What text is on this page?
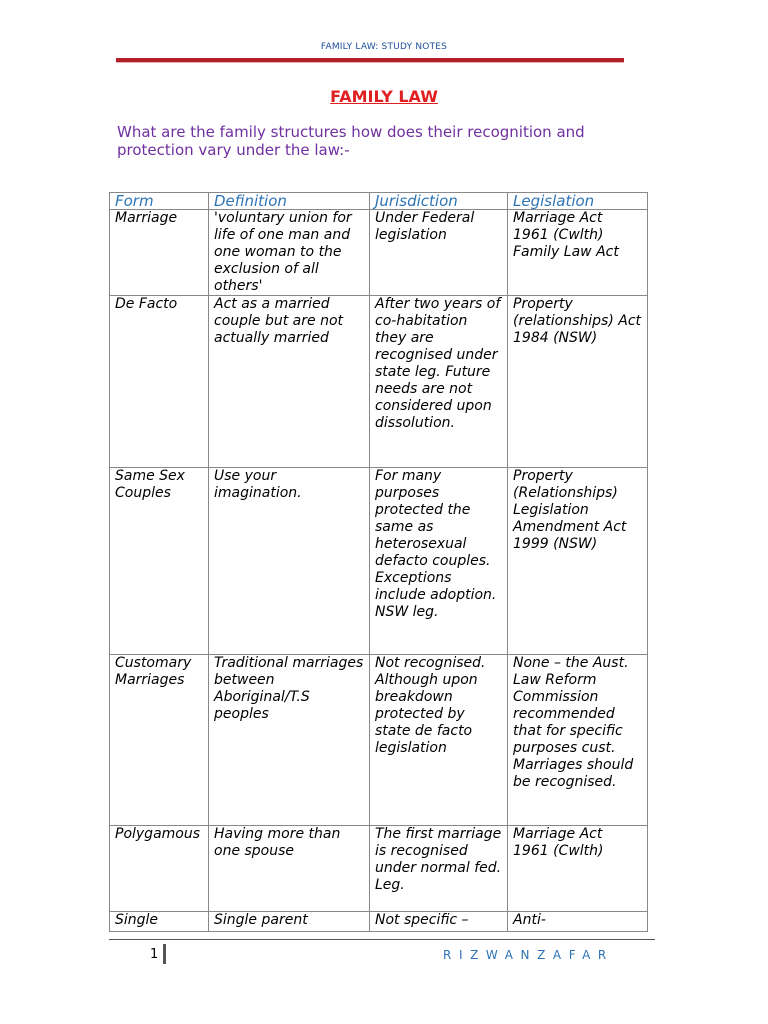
FAMILY LAW: STUDY NOTES
FAMILY LAW
What are the family structures how does their recognition and protection vary under the law:-
Form	Definition	Jurisdiction	Legislation
Marriage	'voluntary union for life of one man and one woman to the exclusion of all others'	Under Federal legislation	Marriage Act 1961 (Cwlth) Family Law Act
De Facto	Act as a married couple but are not actually married	After two years of co-habitation they are recognised under state leg. Future needs are not considered upon dissolution.	Property (relationships) Act 1984 (NSW)
Same Sex Couples	Use your imagination.	For many purposes protected the same as heterosexual defacto couples. Exceptions include adoption. NSW leg.	Property (Relationships) Legislation Amendment Act 1999 (NSW)
Customary Marriages	Traditional marriages between Aboriginal/T.S peoples	Not recognised. Although upon breakdown protected by state de facto legislation	None – the Aust. Law Reform Commission recommended that for specific purposes cust. Marriages should be recognised.
Polygamous	Having more than one spouse	The first marriage is recognised under normal fed. Leg.	Marriage Act 1961 (Cwlth)
Single	Single parent	Not specific –	Anti-
1	RIZWANZAFAR
